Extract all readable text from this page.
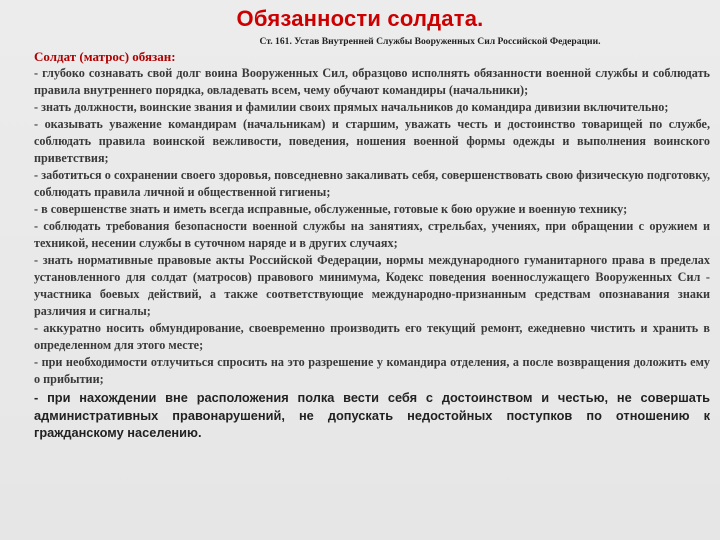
Обязанности солдата.
Ст. 161. Устав Внутренней Службы Вооруженных Сил Российской Федерации.

Солдат (матрос) обязан:

- глубоко сознавать свой долг воина Вооруженных Сил, образцово исполнять обязанности военной службы и соблюдать правила внутреннего порядка, овладевать всем, чему обучают командиры (начальники);

- знать должности, воинские звания и фамилии своих прямых начальников до командира дивизии включительно;

- оказывать уважение командирам (начальникам) и старшим, уважать честь и достоинство товарищей по службе, соблюдать правила воинской вежливости, поведения, ношения военной формы одежды и выполнения воинского приветствия;

- заботиться о сохранении своего здоровья, повседневно закаливать себя, совершенствовать свою физическую подготовку, соблюдать правила личной и общественной гигиены;

- в совершенстве знать и иметь всегда исправные, обслуженные, готовые к бою оружие и военную технику;

- соблюдать требования безопасности военной службы на занятиях, стрельбах, учениях, при обращении с оружием и техникой, несении службы в суточном наряде и в других случаях;

- знать нормативные правовые акты Российской Федерации, нормы международного гуманитарного права в пределах установленного для солдат (матросов) правового минимума, Кодекс поведения военнослужащего Вооруженных Сил - участника боевых действий, а также соответствующие международно-признанным средствам опознавания знаки различия и сигналы;

- аккуратно носить обмундирование, своевременно производить его текущий ремонт, ежедневно чистить и хранить в определенном для этого месте;

- при необходимости отлучиться спросить на это разрешение у командира отделения, а после возвращения доложить ему о прибытии;

- при нахождении вне расположения полка вести себя с достоинством и честью, не совершать административных правонарушений, не допускать недостойных поступков по отношению к гражданскому населению.
